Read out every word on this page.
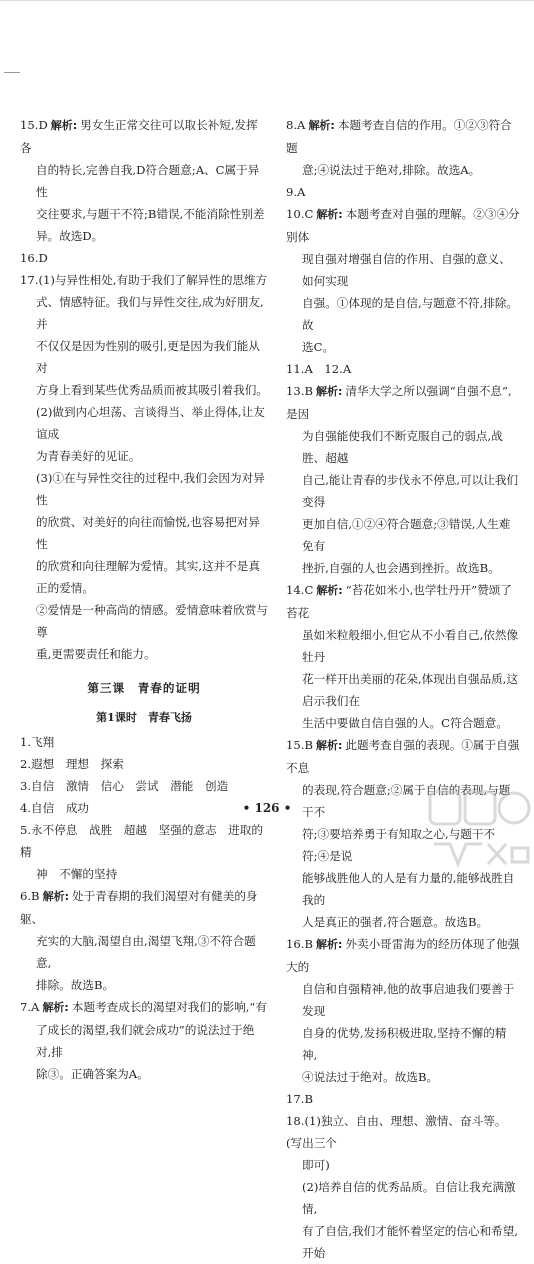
15.D 解析: 男女生正常交往可以取长补短,发挥各
自的特长,完善自我,D符合题意;A、C属于异性
交往要求,与题干不符;B错误,不能消除性别差
异。故选D。
16.D
17.(1)与异性相处,有助于我们了解异性的思维方
式、情感特征。我们与异性交往,成为好朋友,并
不仅仅是因为性别的吸引,更是因为我们能从对
方身上看到某些优秀品质而被其吸引着我们。
(2)做到内心坦荡、言谈得当、举止得体,让友谊成
为青春美好的见证。
(3)①在与异性交往的过程中,我们会因为对异性
的欣赏、对美好的向往而愉悦,也容易把对异性
的欣赏和向往理解为爱情。其实,这并不是真正的爱情。
②爱情是一种高尚的情感。爱情意味着欣赏与尊
重,更需要责任和能力。
第三课　青春的证明
第1课时　青春飞扬
1.飞翔
2.遐想　理想　探索
3.自信　激情　信心　尝试　潜能　创造
4.自信　成功
5.永不停息　战胜　超越　坚强的意志　进取的精
神　不懈的坚持
6.B 解析: 处于青春期的我们渴望对有健美的身躯、
充实的大脑,渴望自由,渴望飞翔,③不符合题意,
排除。故选B。
7.A 解析: 本题考查成长的渴望对我们的影响,“有
了成长的渴望,我们就会成功”的说法过于绝对,排
除③。正确答案为A。
8.A 解析: 本题考查自信的作用。①②③符合题
意;④说法过于绝对,排除。故选A。
9.A
10.C 解析: 本题考查对自强的理解。②③④分别体
现自强对增强自信的作用、自强的意义、如何实现
自强。①体现的是自信,与题意不符,排除。故
选C。
11.A　12.A
13.B 解析: 清华大学之所以强调“自强不息”,是因
为自强能使我们不断克服自己的弱点,战胜、超越
自己,能让青春的步伐永不停息,可以让我们变得
更加自信,①②④符合题意;③错误,人生难免有
挫折,自强的人也会遇到挫折。故选B。
14.C 解析: “苔花如米小,也学牡丹开”赞颂了苔花
虽如米粒般细小,但它从不小看自己,依然像牡丹
花一样开出美丽的花朵,体现出自强品质,这启示我们在
生活中要做自信自强的人。C符合题意。
15.B 解析: 此题考查自强的表现。①属于自强不息
的表现,符合题意;②属于自信的表现,与题干不
符;③要培养勇于有知取之心,与题干不符;④是说
能够战胜他人的人是有力量的,能够战胜自我的
人是真正的强者,符合题意。故选B。
16.B 解析: 外卖小哥雷海为的经历体现了他强大的
自信和自强精神,他的故事启迪我们要善于发现
自身的优势,发扬积极进取,坚持不懈的精神,
④说法过于绝对。故选B。
17.B
18.(1)独立、自由、理想、激情、奋斗等。(写出三个
即可)
(2)培养自信的优秀品质。自信让我充满激情,
有了自信,我们才能怀着坚定的信心和希望,开始
• 126 •
